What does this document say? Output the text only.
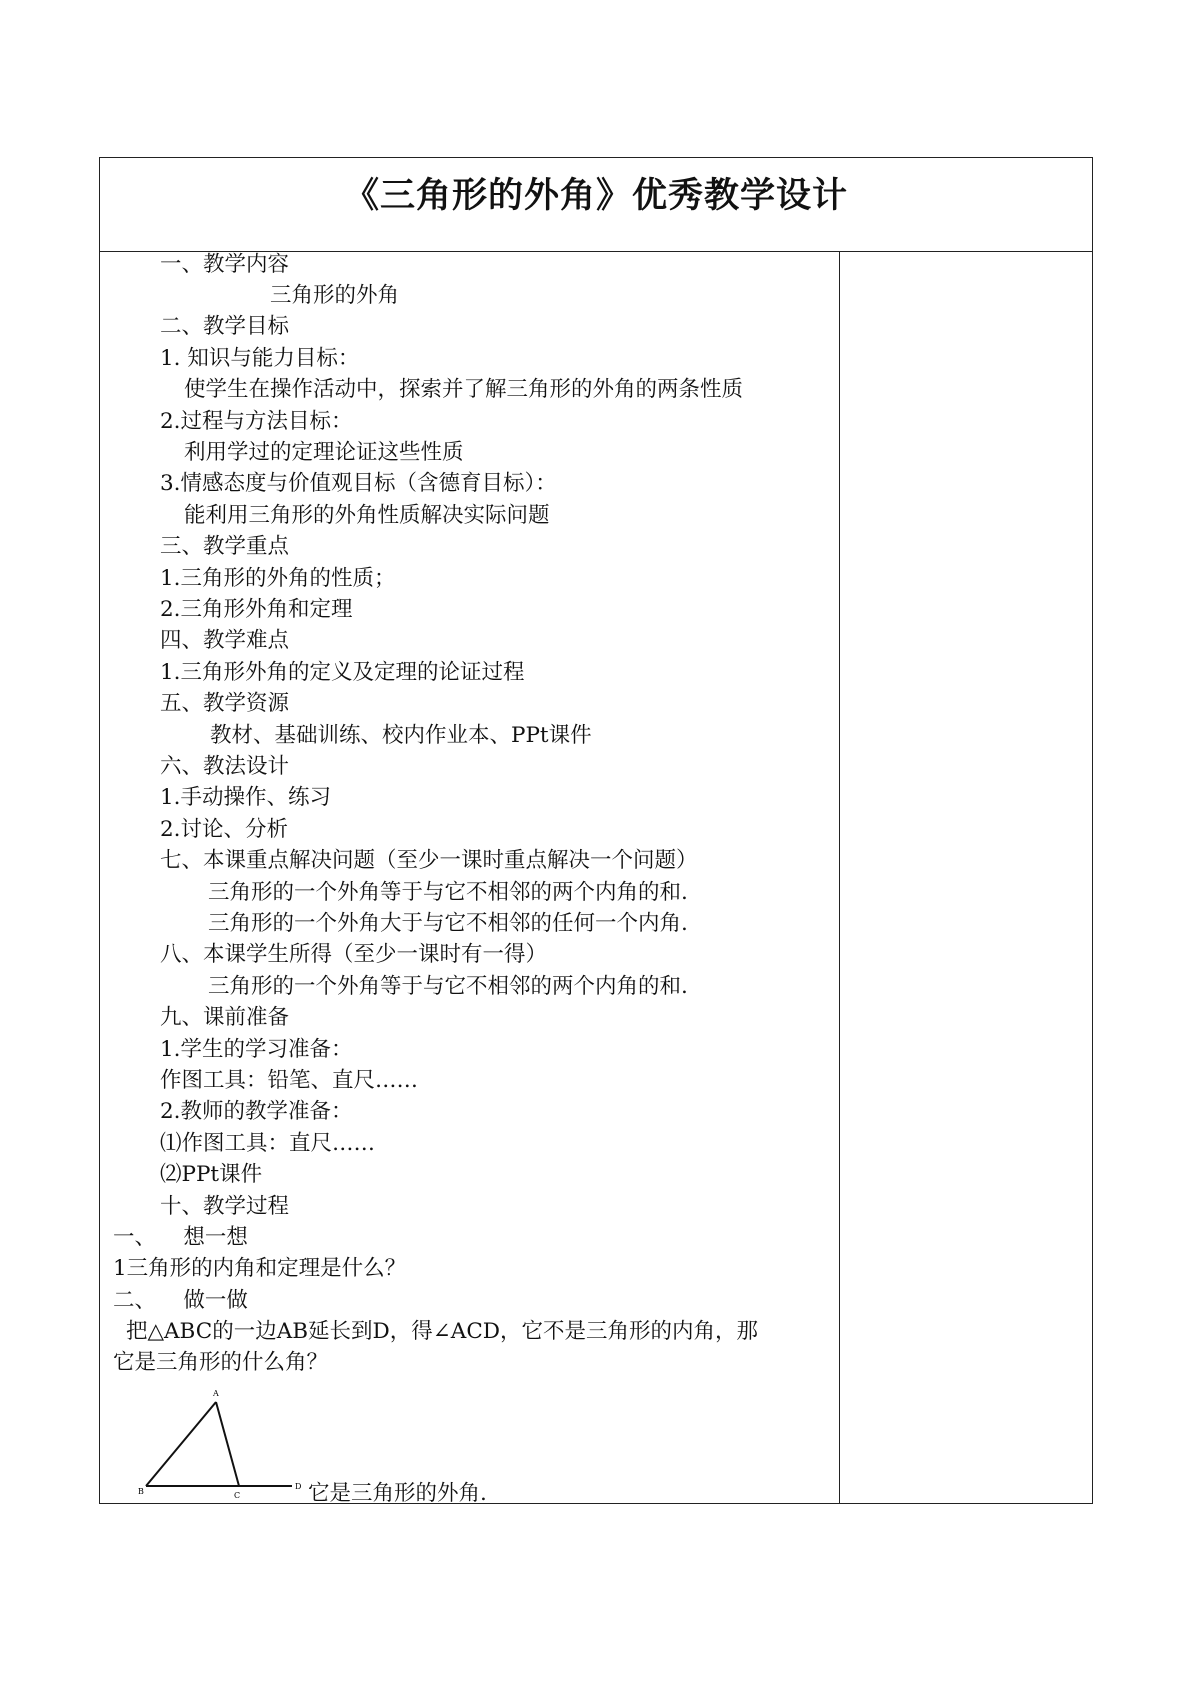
《三角形的外角》优秀教学设计
一、教学内容
三角形的外角
二、教学目标
1. 知识与能力目标：
使学生在操作活动中，探索并了解三角形的外角的两条性质
2.过程与方法目标：
利用学过的定理论证这些性质
3.情感态度与价值观目标（含德育目标）：
能利用三角形的外角性质解决实际问题
三、教学重点
1.三角形的外角的性质；
2.三角形外角和定理
四、教学难点
1.三角形外角的定义及定理的论证过程
五、教学资源
教材、基础训练、校内作业本、PPt课件
六、教法设计
1.手动操作、练习
2.讨论、分析
七、本课重点解决问题（至少一课时重点解决一个问题）
三角形的一个外角等于与它不相邻的两个内角的和.
三角形的一个外角大于与它不相邻的任何一个内角.
八、本课学生所得（至少一课时有一得）
三角形的一个外角等于与它不相邻的两个内角的和.
九、课前准备
1.学生的学习准备：
作图工具：铅笔、直尺……
2.教师的教学准备：
⑴作图工具：直尺……
⑵PPt课件
十、教学过程
一、    想一想
1三角形的内角和定理是什么？
二、    做一做
把△ABC的一边AB延长到D，得∠ACD，它不是三角形的内角，那
它是三角形的什么角？
A
B	C
D 它是三角形的外角.
